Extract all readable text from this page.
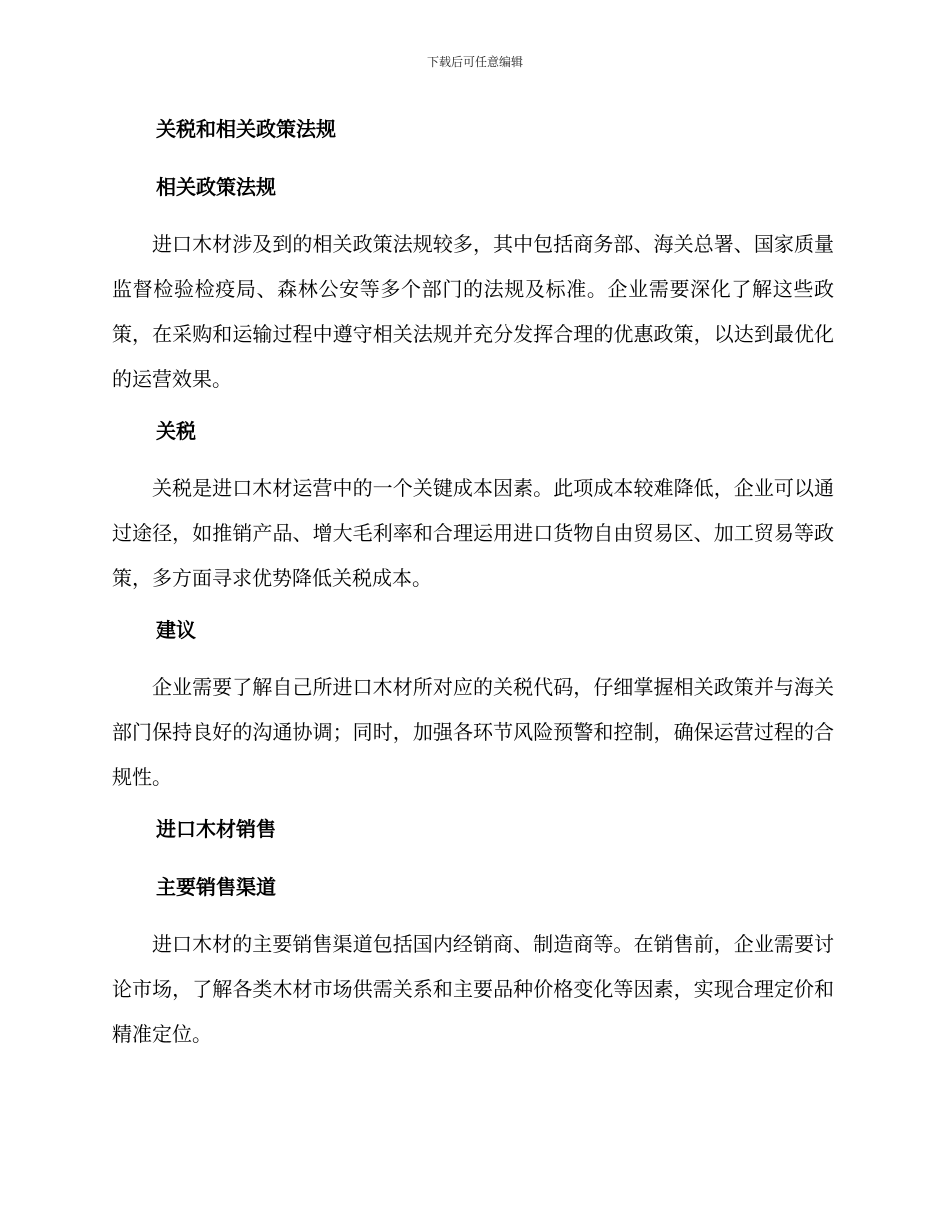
下载后可任意编辑
关税和相关政策法规
相关政策法规
进口木材涉及到的相关政策法规较多，其中包括商务部、海关总署、国家质量监督检验检疫局、森林公安等多个部门的法规及标准。企业需要深化了解这些政策，在采购和运输过程中遵守相关法规并充分发挥合理的优惠政策，以达到最优化的运营效果。
关税
关税是进口木材运营中的一个关键成本因素。此项成本较难降低，企业可以通过途径，如推销产品、增大毛利率和合理运用进口货物自由贸易区、加工贸易等政策，多方面寻求优势降低关税成本。
建议
企业需要了解自己所进口木材所对应的关税代码，仔细掌握相关政策并与海关部门保持良好的沟通协调；同时，加强各环节风险预警和控制，确保运营过程的合规性。
进口木材销售
主要销售渠道
进口木材的主要销售渠道包括国内经销商、制造商等。在销售前，企业需要讨论市场，了解各类木材市场供需关系和主要品种价格变化等因素，实现合理定价和精准定位。
